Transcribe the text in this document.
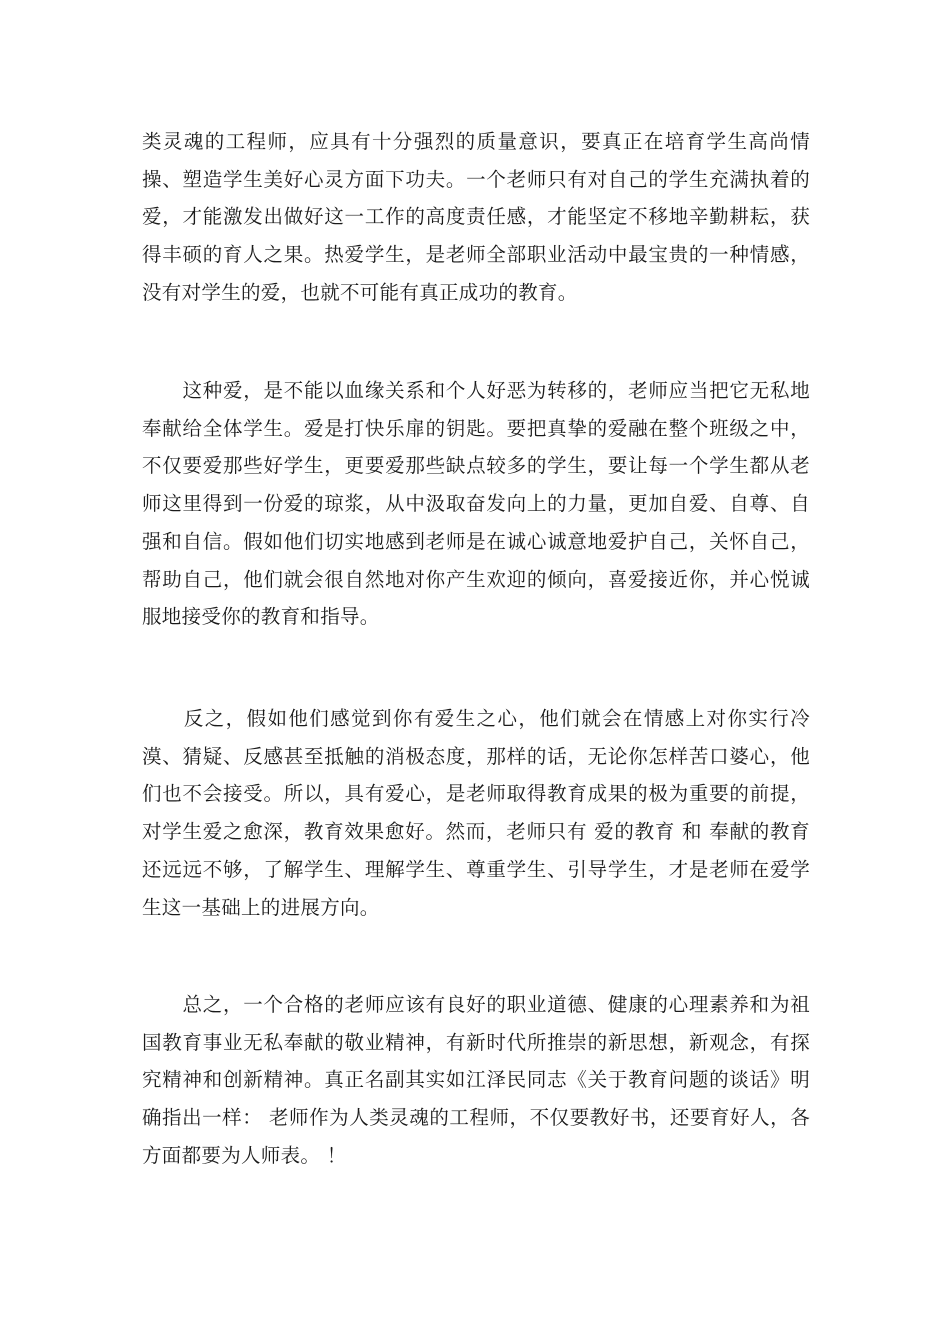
类灵魂的工程师，应具有十分强烈的质量意识，要真正在培育学生高尚情操、塑造学生美好心灵方面下功夫。一个老师只有对自己的学生充满执着的爱，才能激发出做好这一工作的高度责任感，才能坚定不移地辛勤耕耘，获得丰硕的育人之果。热爱学生，是老师全部职业活动中最宝贵的一种情感，没有对学生的爱，也就不可能有真正成功的教育。

　　这种爱，是不能以血缘关系和个人好恶为转移的，老师应当把它无私地奉献给全体学生。爱是打快乐扉的钥匙。要把真挚的爱融在整个班级之中，不仅要爱那些好学生，更要爱那些缺点较多的学生，要让每一个学生都从老师这里得到一份爱的琼浆，从中汲取奋发向上的力量，更加自爱、自尊、自强和自信。假如他们切实地感到老师是在诚心诚意地爱护自己，关怀自己，帮助自己，他们就会很自然地对你产生欢迎的倾向，喜爱接近你，并心悦诚服地接受你的教育和指导。

　　反之，假如他们感觉到你有爱生之心，他们就会在情感上对你实行冷漠、猜疑、反感甚至抵触的消极态度，那样的话，无论你怎样苦口婆心，他们也不会接受。所以，具有爱心，是老师取得教育成果的极为重要的前提，对学生爱之愈深，教育效果愈好。然而，老师只有 爱的教育 和 奉献的教育 还远远不够，了解学生、理解学生、尊重学生、引导学生，才是老师在爱学生这一基础上的进展方向。

　　总之，一个合格的老师应该有良好的职业道德、健康的心理素养和为祖国教育事业无私奉献的敬业精神，有新时代所推崇的新思想，新观念，有探究精神和创新精神。真正名副其实如江泽民同志《关于教育问题的谈话》明确指出一样： 老师作为人类灵魂的工程师，不仅要教好书，还要育好人，各方面都要为人师表。 ！
